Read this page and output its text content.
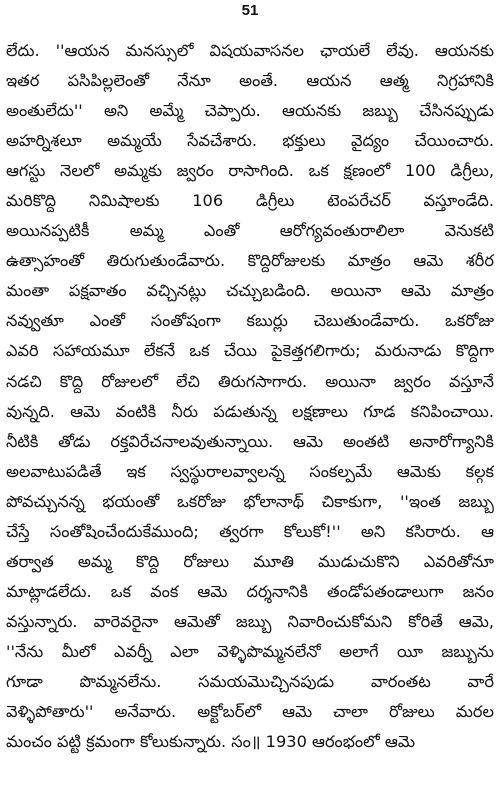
51
లేదు. ''ఆయన మనస్సులో విషయవాసనల ఛాయలే లేవు. ఆయనకు
ఇతర పసిపిల్లలెంతో నేనూ అంతే. ఆయన ఆత్మ నిగ్రహానికి
అంతులేదు'' అని అమ్మే చెప్పారు. ఆయనకు జబ్బు చేసినప్పుడు
అహర్నిశలూ అమ్మయే సేవచేశారు. భక్తులు వైద్యం చేయించారు.
ఆగస్టు నెలలో అమ్మకు జ్వరం రాసాగింది. ఒక క్షణంలో 100 డిగ్రీలు,
మరికొద్ది నిమిషాలకు 106 డిగ్రీలు టెంపరేచర్ వస్తూండేది.
అయినప్పటికీ అమ్మ ఎంతో ఆరోగ్యవంతురాలిలా వెనుకటి
ఉత్సాహంతో తిరుగుతుండేవారు. కొద్దిరోజులకు మాత్రం ఆమె శరీర
మంతా పక్షవాతం వచ్చినట్లు చచ్చుబడింది. అయినా ఆమె మాత్రం
నవ్వుతూ ఎంతో సంతోషంగా కబుర్లు చెబుతుండేవారు. ఒకరోజు
ఎవరి సహాయమూ లేకనే ఒక చేయి పైకెత్తగలిగారు; మరునాడు కొద్దిగా
నడచి కొద్ది రోజులలో లేచి తిరుగసాగారు. అయినా జ్వరం వస్తూనే
వున్నది. ఆమె వంటికి నీరు పడుతున్న లక్షణాలు గూడ కనిపించాయి.
నీటికి తోడు రక్తవిరేచనాలవుతున్నాయి. ఆమె అంతటి అనారోగ్యానికి
అలవాటుపడితే ఇక స్వస్థురాలవ్వాలన్న సంకల్పమే ఆమెకు కల్గక
పోవచ్చునన్న భయంతో ఒకరోజు భోలానాథ్ చికాకుగా, ''ఇంత జబ్బు
చేస్తే సంతోషించేందుకేముంది; త్వరగా కోలుకో!'' అని కసిరారు. ఆ
తర్వాత అమ్మ కొద్ది రోజులు మూతి ముడుచుకొని ఎవరితోనూ
మాట్లాడలేదు. ఒక వంక ఆమె దర్శనానికి తండోపతండాలుగా జనం
వస్తున్నారు. వారెవరైనా ఆమెతో జబ్బు నివారించుకోమని కోరితే ఆమె,
''నేను మీలో ఎవర్నీ ఎలా వెళ్ళిపొమ్మనలేనో అలాగే యీ జబ్బును
గూడా పొమ్మనలేను. సమయమొచ్చినపుడు వారంతట వారే
వెళ్ళిపోతారు'' అనేవారు. అక్టోబర్‌లో ఆమె చాలా రోజులు మరల
మంచం పట్టి క్రమంగా కోలుకున్నారు. సం॥ 1930 ఆరంభంలో ఆమె
